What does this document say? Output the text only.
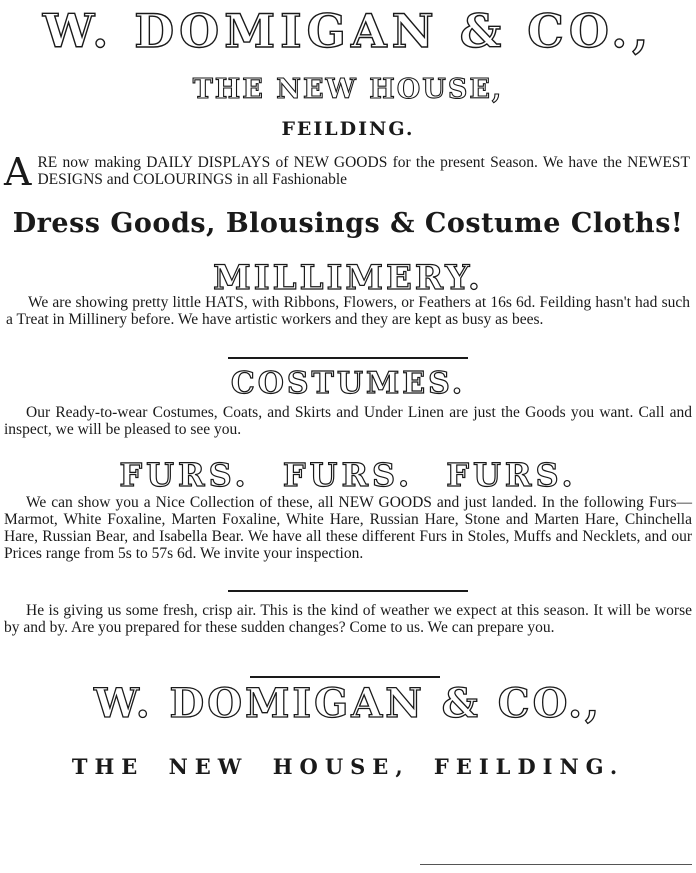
W. DOMIGAN & CO.,
THE NEW HOUSE,
FEILDING.
A RE now making DAILY DISPLAYS of NEW GOODS for the present Season. We have the NEWEST DESIGNS and COLOURINGS in all Fashionable
Dress Goods, Blousings & Costume Cloths!
MILLIMERY.
We are showing pretty little HATS, with Ribbons, Flowers, or Feathers at 16s 6d. Feilding hasn't had such a Treat in Millinery before. We have artistic workers and they are kept as busy as bees.
COSTUMES.
Our Ready-to-wear Costumes, Coats, and Skirts and Under Linen are just the Goods you want. Call and inspect, we will be pleased to see you.
FURS. FURS. FURS.
We can show you a Nice Collection of these, all NEW GOODS and just landed. In the following Furs—Marmot, White Foxaline, Marten Foxaline, White Hare, Russian Hare, Stone and Marten Hare, Chinchella Hare, Russian Bear, and Isabella Bear. We have all these different Furs in Stoles, Muffs and Necklets, and our Prices range from 5s to 57s 6d. We invite your inspection.
He is giving us some fresh, crisp air. This is the kind of weather we expect at this season. It will be worse by and by. Are you prepared for these sudden changes? Come to us. We can prepare you.
W. DOMIGAN & CO.,
THE NEW HOUSE, FEILDING.
